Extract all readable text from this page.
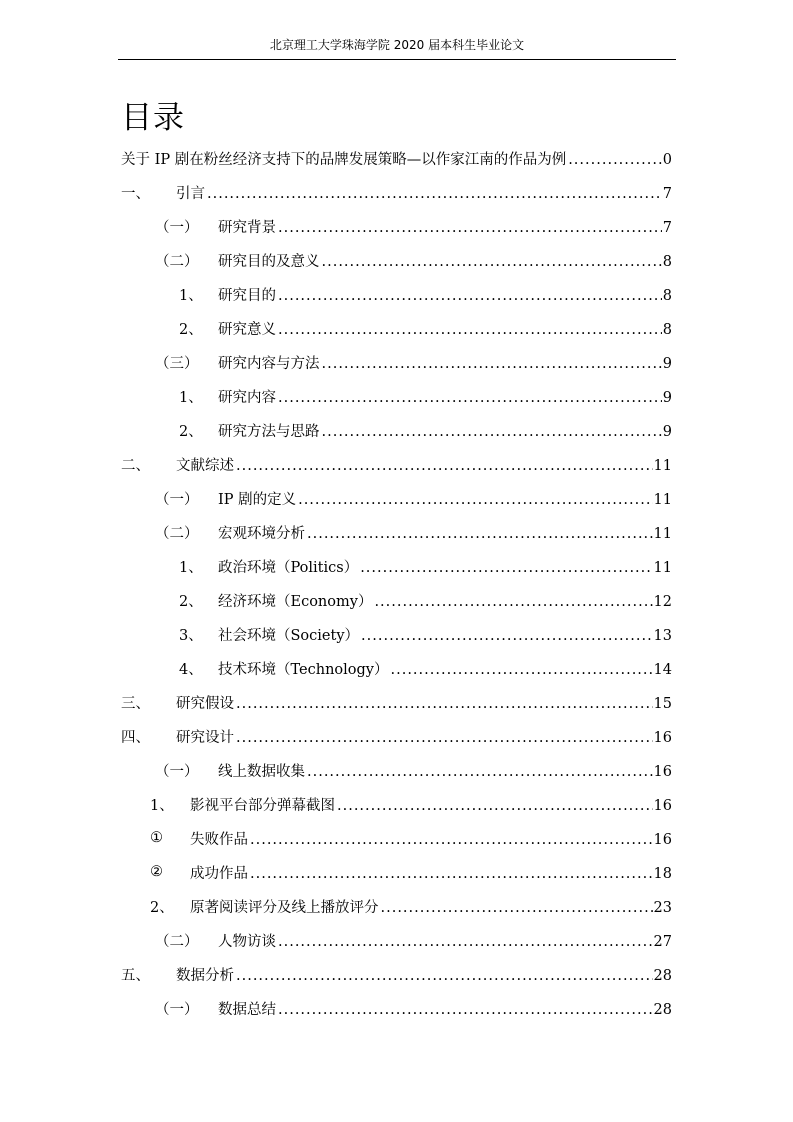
北京理工大学珠海学院 2020 届本科生毕业论文
目录
关于 IP 剧在粉丝经济支持下的品牌发展策略—以作家江南的作品为例 .....	0
一、 引言 .....	7
（一） 研究背景 .....	7
（二） 研究目的及意义 .....	8
1、 研究目的 .....	8
2、 研究意义 .....	8
（三） 研究内容与方法 .....	9
1、 研究内容 .....	9
2、 研究方法与思路 .....	9
二、 文献综述 .....	11
（一） IP 剧的定义 .....	11
（二） 宏观环境分析 .....	11
1、 政治环境（Politics） .....	11
2、 经济环境（Economy） .....	12
3、 社会环境（Society） .....	13
4、 技术环境（Technology） .....	14
三、 研究假设 .....	15
四、 研究设计 .....	16
（一） 线上数据收集 .....	16
1、 影视平台部分弹幕截图 .....	16
① 失败作品 .....	16
② 成功作品 .....	18
2、 原著阅读评分及线上播放评分 .....	23
（二） 人物访谈 .....	27
五、 数据分析 .....	28
（一） 数据总结 .....	28
